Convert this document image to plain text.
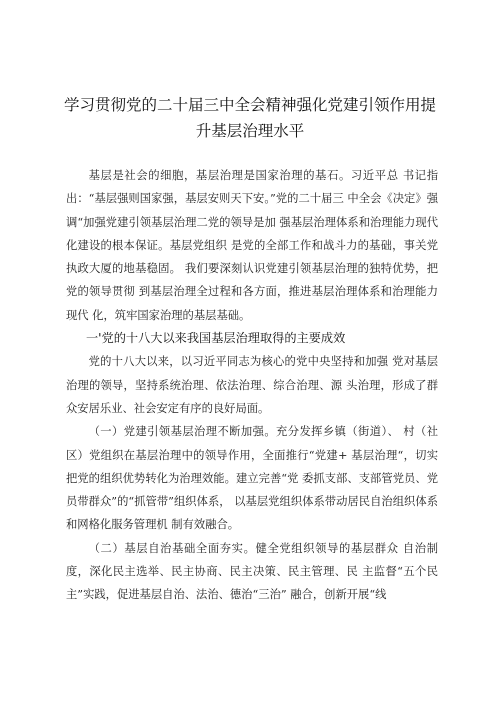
学习贯彻党的二十届三中全会精神强化党建引领作用提
升基层治理水平

基层是社会的细胞，基层治理是国家治理的基石。习近平总 书记指出：“基层强则国家强，基层安则天下安。”党的二十届三 中全会《决定》强调“加强党建引领基层治理二党的领导是加 强基层治理体系和治理能力现代化建设的根本保证。基层党组织 是党的全部工作和战斗力的基础，事关党执政大厦的地基稳固。 我们要深刻认识党建引领基层治理的独特优势，把党的领导贯彻 到基层治理全过程和各方面，推进基层治理体系和治理能力现代 化，筑牢国家治理的基层基础。

一'党的十八大以来我国基层治理取得的主要成效

党的十八大以来，以习近平同志为核心的党中央坚持和加强 党对基层治理的领导，坚持系统治理、依法治理、综合治理、源 头治理，形成了群众安居乐业、社会安定有序的良好局面。

（一）党建引领基层治理不断加强。充分发挥乡镇（街道）、 村（社区）党组织在基层治理中的领导作用，全面推行“党建+ 基层治理“，切实把党的组织优势转化为治理效能。建立完善“党 委抓支部、支部管党员、党员带群众”的“抓管带”组织体系， 以基层党组织体系带动居民自治组织体系和网格化服务管理机 制有效融合。

（二）基层自治基础全面夯实。健全党组织领导的基层群众 自治制度，深化民主选举、民主协商、民主决策、民主管理、民 主监督“五个民主”实践，促进基层自治、法治、德治“三治” 融合，创新开展“线
